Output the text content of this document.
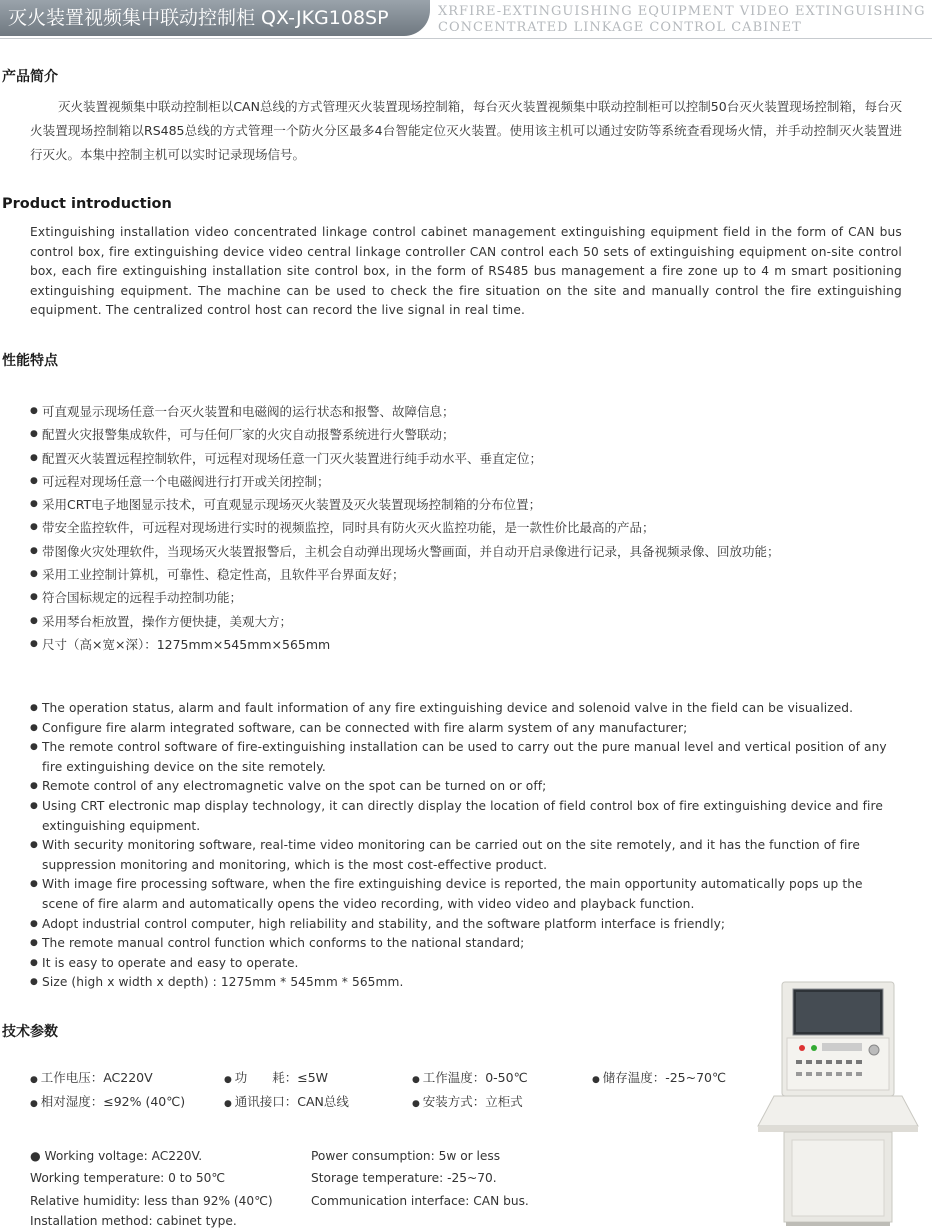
灭火装置视频集中联动控制柜 QX-JKG108SP	XRFIRE-EXTINGUISHING EQUIPMENT VIDEO EXTINGUISHING
CONCENTRATED LINKAGE CONTROL CABINET
产品简介

灭火装置视频集中联动控制柜以CAN总线的方式管理灭火装置现场控制箱，每台灭火装置视频集中联动控制柜可以控制50台灭火装置现场控制箱，每台灭火装置现场控制箱以RS485总线的方式管理一个防火分区最多4台智能定位灭火装置。使用该主机可以通过安防等系统查看现场火情，并手动控制灭火装置进行灭火。本集中控制主机可以实时记录现场信号。

Product introduction

Extinguishing installation video concentrated linkage control cabinet management extinguishing equipment field in the form of CAN bus control box, fire extinguishing device video central linkage controller CAN control each 50 sets of extinguishing equipment on-site control box, each fire extinguishing installation site control box, in the form of RS485 bus management a fire zone up to 4 m smart positioning extinguishing equipment. The machine can be used to check the fire situation on the site and manually control the fire extinguishing equipment. The centralized control host can record the live signal in real time.

性能特点
● 可直观显示现场任意一台灭火装置和电磁阀的运行状态和报警、故障信息；
● 配置火灾报警集成软件，可与任何厂家的火灾自动报警系统进行火警联动；
● 配置灭火装置远程控制软件，可远程对现场任意一门灭火装置进行纯手动水平、垂直定位；
● 可远程对现场任意一个电磁阀进行打开或关闭控制；
● 采用CRT电子地图显示技术，可直观显示现场灭火装置及灭火装置现场控制箱的分布位置；
● 带安全监控软件，可远程对现场进行实时的视频监控，同时具有防火灭火监控功能，是一款性价比最高的产品；
● 带图像火灾处理软件，当现场灭火装置报警后，主机会自动弹出现场火警画面，并自动开启录像进行记录，具备视频录像、回放功能；
● 采用工业控制计算机，可靠性、稳定性高，且软件平台界面友好；
● 符合国标规定的远程手动控制功能；
● 采用琴台柜放置，操作方便快捷，美观大方；
● 尺寸（高×宽×深）：1275mm×545mm×565mm
● The operation status, alarm and fault information of any fire extinguishing device and solenoid valve in the field can be visualized.
● Configure fire alarm integrated software, can be connected with fire alarm system of any manufacturer;
● The remote control software of fire-extinguishing installation can be used to carry out the pure manual level and vertical position of any fire extinguishing device on the site remotely.
● Remote control of any electromagnetic valve on the spot can be turned on or off;
● Using CRT electronic map display technology, it can directly display the location of field control box of fire extinguishing device and fire extinguishing equipment.
● With security monitoring software, real-time video monitoring can be carried out on the site remotely, and it has the function of fire suppression monitoring and monitoring, which is the most cost-effective product.
● With image fire processing software, when the fire extinguishing device is reported, the main opportunity automatically pops up the scene of fire alarm and automatically opens the video recording, with video video and playback function.
● Adopt industrial control computer, high reliability and stability, and the software platform interface is friendly;
● The remote manual control function which conforms to the national standard;
● It is easy to operate and easy to operate.
● Size (high x width x depth) : 1275mm * 545mm * 565mm.
技术参数
● 工作电压：AC220V	● 功　　耗：≤5W	● 工作温度：0-50℃	● 储存温度：-25~70℃
● 相对湿度：≤92% (40℃)	● 通讯接口：CAN总线	● 安装方式：立柜式
● Working voltage: AC220V.	Power consumption: 5w or less
Working temperature: 0 to 50℃	Storage temperature: -25~70.
Relative humidity: less than 92% (40℃)	Communication interface: CAN bus.
Installation method: cabinet type.
